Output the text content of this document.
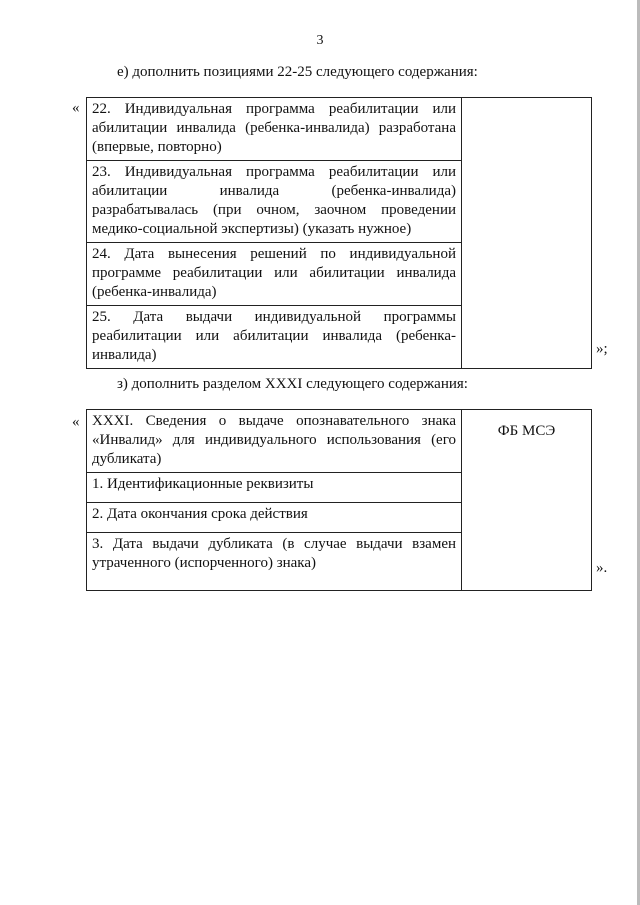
3
е) дополнить позициями 22-25 следующего содержания:
« 22. Индивидуальная программа реабилитации или абилитации инвалида (ребенка-инвалида) разработана (впервые, повторно)	

23. Индивидуальная программа реабилитации или абилитации инвалида (ребенка-инвалида) разрабатывалась (при очном, заочном проведении медико-социальной экспертизы) (указать нужное)
24. Дата вынесения решений по индивидуальной программе реабилитации или абилитации инвалида (ребенка-инвалида)
25. Дата выдачи индивидуальной программы реабилитации или абилитации инвалида (ребенка-инвалида)	»;
з) дополнить разделом XXXI следующего содержания:
« XXXI. Сведения о выдаче опознавательного знака «Инвалид» для индивидуального использования (его дубликата)	
ФБ МСЭ

1. Идентификационные реквизиты
2. Дата окончания срока действия
3. Дата выдачи дубликата (в случае выдачи взамен утраченного (испорченного) знака)	».
